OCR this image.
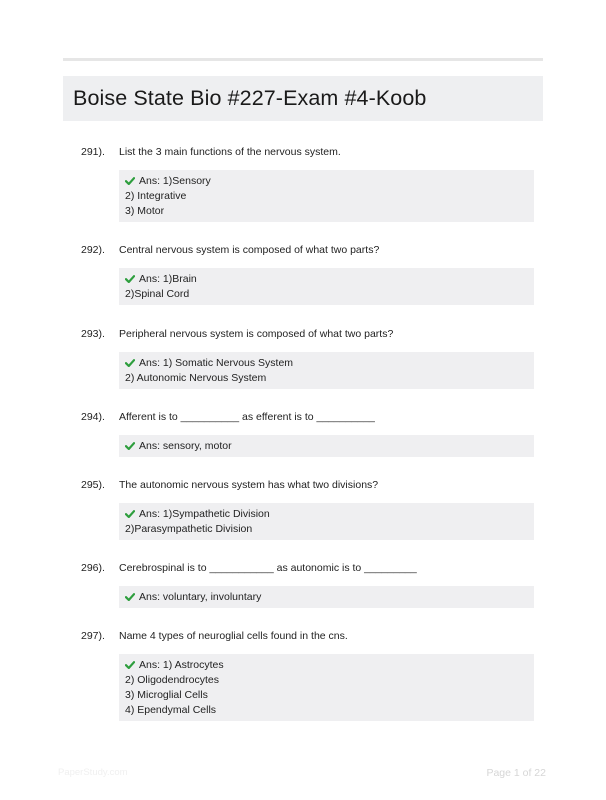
Boise State Bio #227-Exam #4-Koob
291). List the 3 main functions of the nervous system.
Ans: 1)Sensory
2) Integrative
3) Motor
292). Central nervous system is composed of what two parts?
Ans: 1)Brain
2)Spinal Cord
293). Peripheral nervous system is composed of what two parts?
Ans: 1) Somatic Nervous System
2) Autonomic Nervous System
294). Afferent is to __________ as efferent is to __________
Ans: sensory, motor
295). The autonomic nervous system has what two divisions?
Ans: 1)Sympathetic Division
2)Parasympathetic Division
296). Cerebrospinal is to ___________ as autonomic is to _________
Ans: voluntary, involuntary
297). Name 4 types of neuroglial cells found in the cns.
Ans: 1) Astrocytes
2) Oligodendrocytes
3) Microglial Cells
4) Ependymal Cells
PaperStudy.com	Page 1 of 22
